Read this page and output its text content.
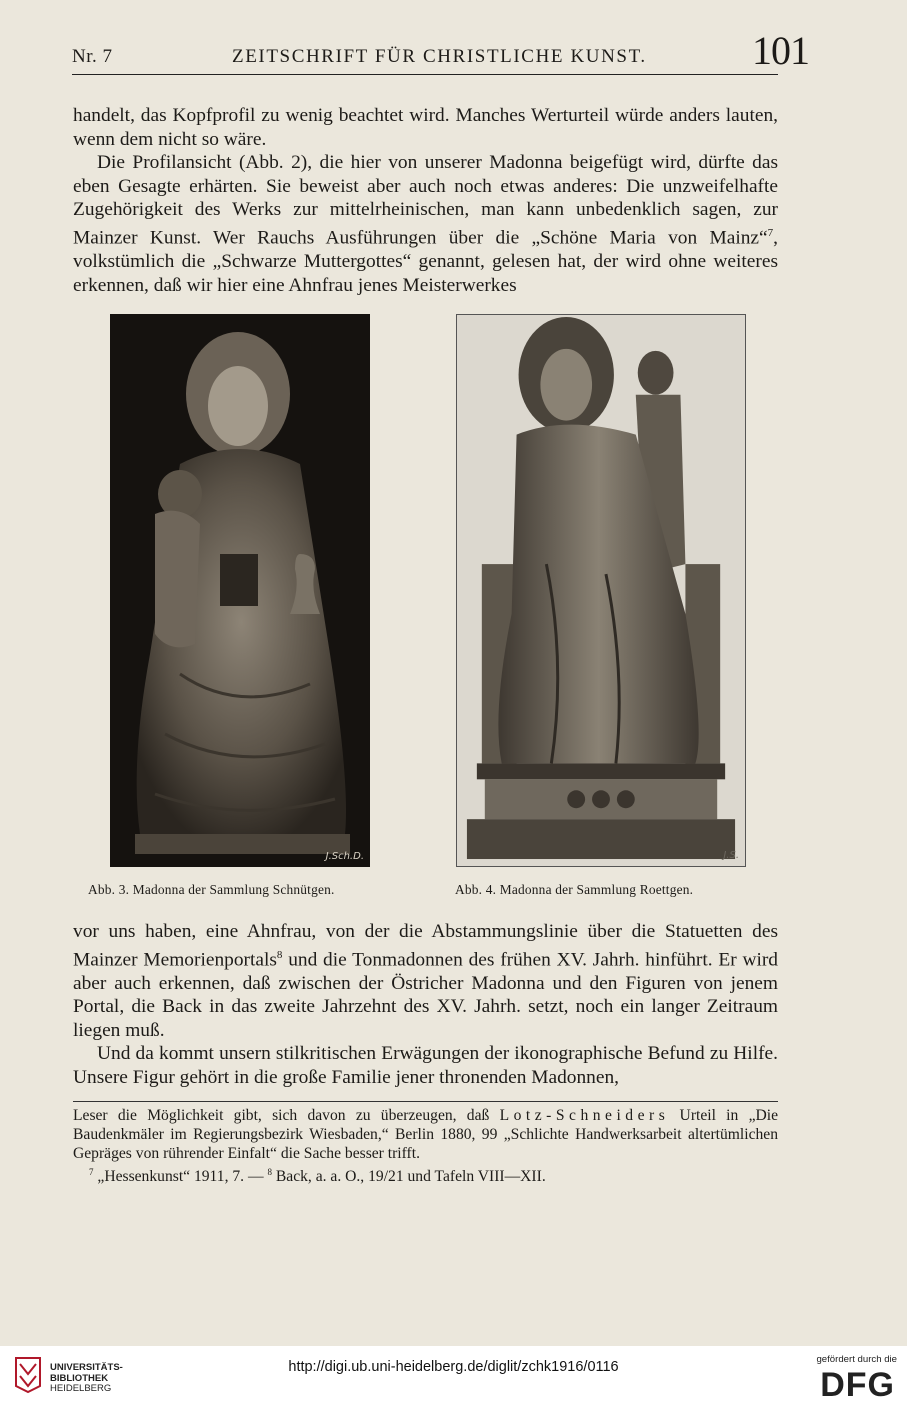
Nr. 7	ZEITSCHRIFT FÜR CHRISTLICHE KUNST.	101

handelt, das Kopfprofil zu wenig beachtet wird. Manches Werturteil würde anders lauten, wenn dem nicht so wäre.

Die Profilansicht (Abb. 2), die hier von unserer Madonna beigefügt wird, dürfte das eben Gesagte erhärten. Sie beweist aber auch noch etwas anderes: Die unzweifelhafte Zugehörigkeit des Werks zur mittelrheinischen, man kann unbedenklich sagen, zur Mainzer Kunst. Wer Rauchs Ausführungen über die „Schöne Maria von Mainz“$^7$, volkstümlich die „Schwarze Muttergottes“ genannt, gelesen hat, der wird ohne weiteres erkennen, daß wir hier eine Ahnfrau jenes Meisterwerkes

J.Sch.D.	J.S.
Abb. 3. Madonna der Sammlung Schnütgen.	Abb. 4. Madonna der Sammlung Roettgen.

vor uns haben, eine Ahnfrau, von der die Abstammungslinie über die Statuetten des Mainzer Memorienportals$^8$ und die Tonmadonnen des frühen XV. Jahrh. hinführt. Er wird aber auch erkennen, daß zwischen der Östricher Madonna und den Figuren von jenem Portal, die Back in das zweite Jahrzehnt des XV. Jahrh. setzt, noch ein langer Zeitraum liegen muß.

Und da kommt unsern stilkritischen Erwägungen der ikonographische Befund zu Hilfe. Unsere Figur gehört in die große Familie jener thronenden Madonnen,

Leser die Möglichkeit gibt, sich davon zu überzeugen, daß Lotz-Schneiders Urteil in „Die Baudenkmäler im Regierungsbezirk Wiesbaden,“ Berlin 1880, 99 „Schlichte Handwerksarbeit altertümlichen Gepräges von rührender Einfalt“ die Sache besser trifft.

$^7$ „Hessenkunst“ 1911, 7. — $^8$ Back, a. a. O., 19/21 und Tafeln VIII—XII.

UNIVERSITÄTS-
BIBLIOTHEK
HEIDELBERG
http://digi.ub.uni-heidelberg.de/diglit/zchk1916/0116	gefördert durch die
DFG
